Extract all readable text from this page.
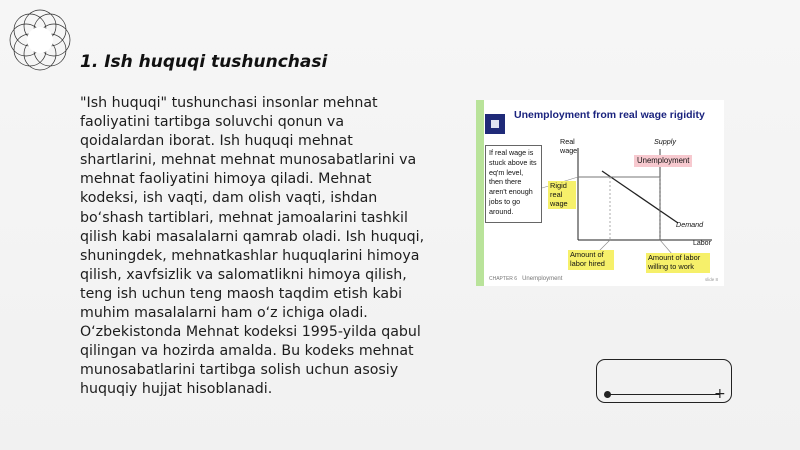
1. Ish huquqi tushunchasi
"Ish huquqi" tushunchasi insonlar mehnat faoliyatini tartibga soluvchi qonun va qoidalardan iborat. Ish huquqi mehnat shartlarini, mehnat mehnat munosabatlarini va mehnat faoliyatini himoya qiladi. Mehnat kodeksi, ish vaqti, dam olish vaqti, ishdan bo‘shash tartiblari, mehnat jamoalarini tashkil qilish kabi masalalarni qamrab oladi. Ish huquqi, shuningdek, mehnatkashlar huquqlarini himoya qilish, xavfsizlik va salomatlikni himoya qilish, teng ish uchun teng maosh taqdim etish kabi muhim masalalarni ham o‘z ichiga oladi. O‘zbekistonda Mehnat kodeksi 1995-yilda qabul qilingan va hozirda amalda. Bu kodeks mehnat munosabatlarini tartibga solish uchun asosiy huquqiy hujjat hisoblanadi.
Unemployment from real wage rigidity
Real wage
Supply
Demand
Labor
Unemployment
Rigid real wage
Amount of labor hired
Amount of labor willing to work
If real wage is stuck above its eq'm level, then there aren't enough jobs to go around.
CHAPTER 6 Unemployment	slide 8
+
